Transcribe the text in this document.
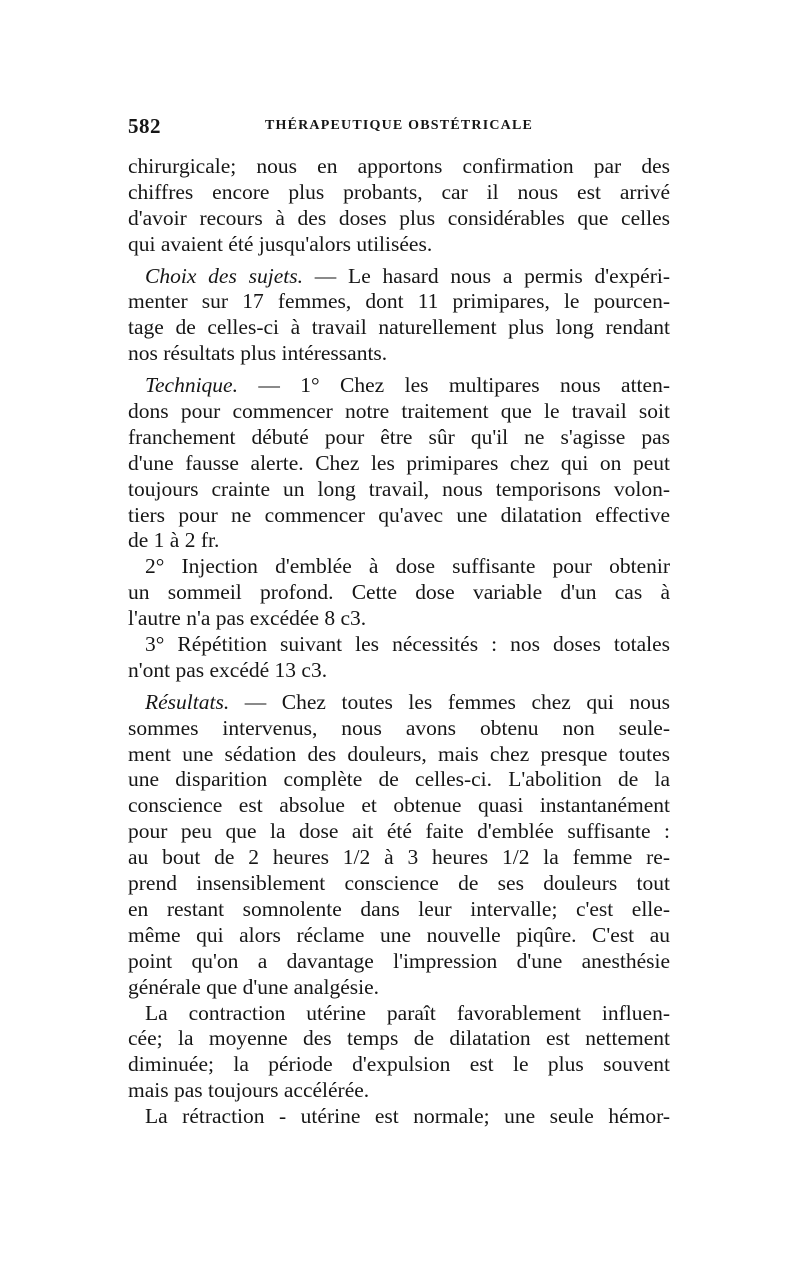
582	THÉRAPEUTIQUE OBSTÉTRICALE
chirurgicale; nous en apportons confirmation par des
chiffres encore plus probants, car il nous est arrivé
d'avoir recours à des doses plus considérables que celles
qui avaient été jusqu'alors utilisées.
Choix des sujets. — Le hasard nous a permis d'expéri-
menter sur 17 femmes, dont 11 primipares, le pourcen-
tage de celles-ci à travail naturellement plus long rendant
nos résultats plus intéressants.
Technique. — 1° Chez les multipares nous atten-
dons pour commencer notre traitement que le travail soit
franchement débuté pour être sûr qu'il ne s'agisse pas
d'une fausse alerte. Chez les primipares chez qui on peut
toujours crainte un long travail, nous temporisons volon-
tiers pour ne commencer qu'avec une dilatation effective
de 1 à 2 fr.
2° Injection d'emblée à dose suffisante pour obtenir
un sommeil profond. Cette dose variable d'un cas à
l'autre n'a pas excédée 8 c3.
3° Répétition suivant les nécessités : nos doses totales
n'ont pas excédé 13 c3.
Résultats. — Chez toutes les femmes chez qui nous
sommes intervenus, nous avons obtenu non seule-
ment une sédation des douleurs, mais chez presque toutes
une disparition complète de celles-ci. L'abolition de la
conscience est absolue et obtenue quasi instantanément
pour peu que la dose ait été faite d'emblée suffisante :
au bout de 2 heures 1/2 à 3 heures 1/2 la femme re-
prend insensiblement conscience de ses douleurs tout
en restant somnolente dans leur intervalle; c'est elle-
même qui alors réclame une nouvelle piqûre. C'est au
point qu'on a davantage l'impression d'une anesthésie
générale que d'une analgésie.
La contraction utérine paraît favorablement influen-
cée; la moyenne des temps de dilatation est nettement
diminuée; la période d'expulsion est le plus souvent
mais pas toujours accélérée.
La rétraction - utérine est normale; une seule hémor-
